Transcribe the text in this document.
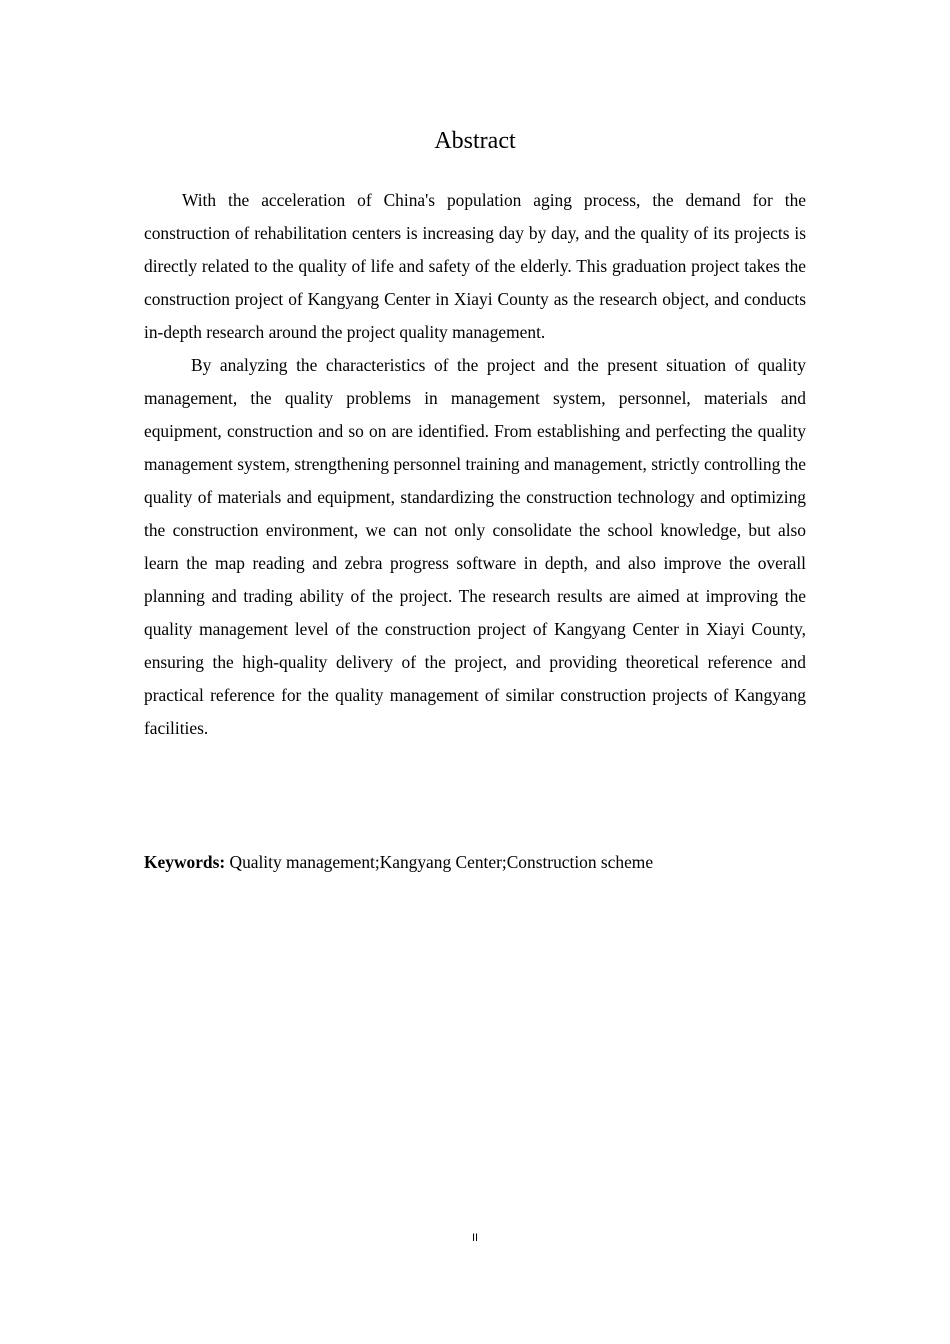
Abstract

With the acceleration of China's population aging process, the demand for the construction of rehabilitation centers is increasing day by day, and the quality of its projects is directly related to the quality of life and safety of the elderly. This graduation project takes the construction project of Kangyang Center in Xiayi County as the research object, and conducts in-depth research around the project quality management.

By analyzing the characteristics of the project and the present situation of quality management, the quality problems in management system, personnel, materials and equipment, construction and so on are identified. From establishing and perfecting the quality management system, strengthening personnel training and management, strictly controlling the quality of materials and equipment, standardizing the construction technology and optimizing the construction environment, we can not only consolidate the school knowledge, but also learn the map reading and zebra progress software in depth, and also improve the overall planning and trading ability of the project. The research results are aimed at improving the quality management level of the construction project of Kangyang Center in Xiayi County, ensuring the high-quality delivery of the project, and providing theoretical reference and practical reference for the quality management of similar construction projects of Kangyang facilities.

Keywords: Quality management;Kangyang Center;Construction scheme
II
